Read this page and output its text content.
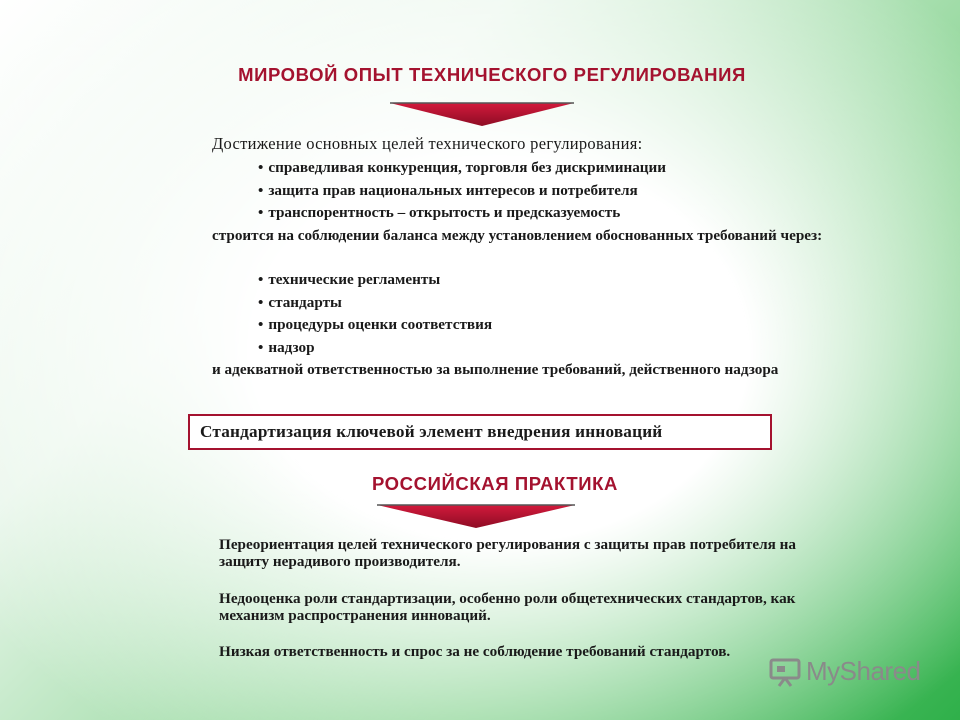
МИРОВОЙ ОПЫТ ТЕХНИЧЕСКОГО РЕГУЛИРОВАНИЯ
Достижение основных целей технического регулирования:
• справедливая конкуренция, торговля без дискриминации
• защита прав национальных интересов и потребителя
• транспорентность – открытость и предсказуемость
строится на соблюдении баланса между установлением обоснованных требований через:
• технические регламенты
• стандарты
• процедуры оценки соответствия
• надзор
и адекватной ответственностью за выполнение требований, действенного надзора
Стандартизация ключевой элемент внедрения инноваций
РОССИЙСКАЯ ПРАКТИКА
Переориентация целей технического регулирования с защиты прав потребителя на защиту нерадивого производителя.
Недооценка роли стандартизации, особенно роли общетехнических стандартов, как механизм распространения инноваций.
Низкая ответственность и спрос за не соблюдение требований стандартов.
MyShared
